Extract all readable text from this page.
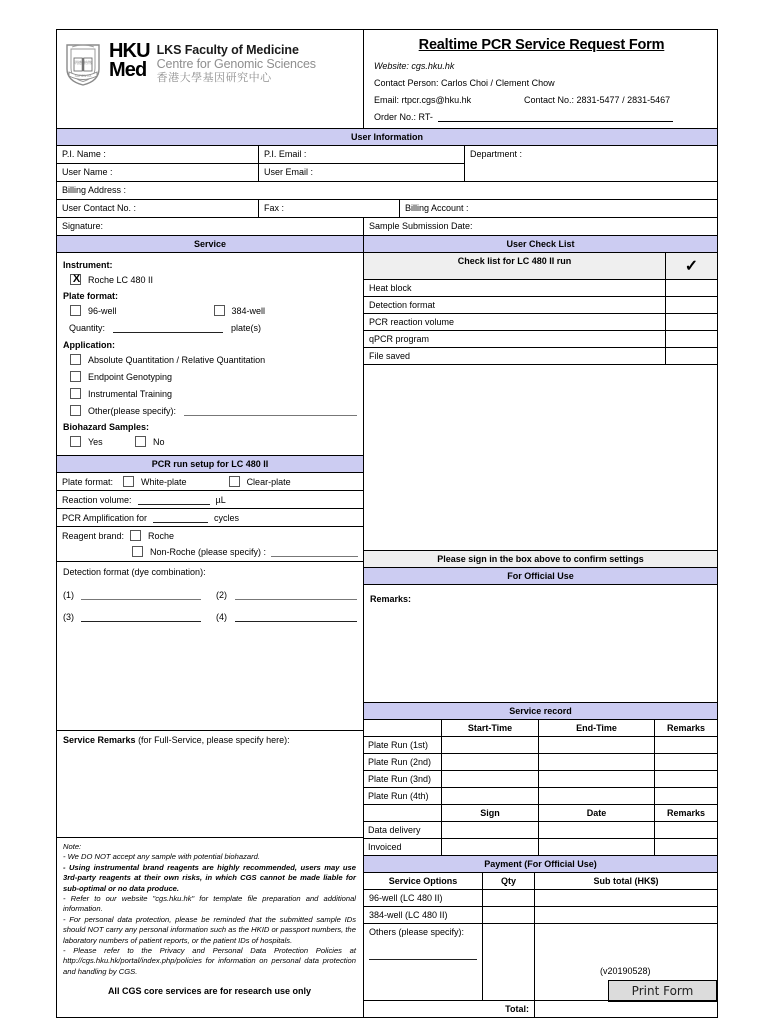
明德 格物
SAPIENTIA
HKU
Med
LKS Faculty of Medicine
Centre for Genomic Sciences
香港大學基因研究中心
Realtime PCR Service Request Form
Website: cgs.hku.hk
Contact Person: Carlos Choi / Clement Chow
Email: rtpcr.cgs@hku.hk	Contact No.: 2831-5477 / 2831-5467
Order No.: RT-
User Information
P.I. Name :	P.I. Email :
User Name :	User Email :
Department :
Billing Address :
User Contact No. :	Fax :	Billing Account :
Signature:	Sample Submission Date:
Service
Instrument:
X
Roche LC 480 II
Plate format:
96-well	384-well
Quantity:	plate(s)
Application:
Absolute Quantitation / Relative Quantitation
Endpoint Genotyping
Instrumental Training
Other(please specify):
Biohazard Samples:
Yes	No
PCR run setup for LC 480 II
Plate format:	White-plate	Clear-plate
Reaction volume:	µL
PCR Amplification for	cycles
Reagent brand:	Roche
Non-Roche (please specify) :
Detection format (dye combination):
(1)	(2)
(3)	(4)
Service Remarks (for Full-Service, please specify here):
Note:
- We DO NOT accept any sample with potential biohazard.
- Using instrumental brand reagents are highly recommended, users may use 3rd-party reagents at their own risks, in which CGS cannot be made liable for sub-optimal or no data produce.
- Refer to our website "cgs.hku.hk" for template file preparation and additional information.
- For personal data protection, please be reminded that the submitted sample IDs should NOT carry any personal information such as the HKID or passport numbers, the laboratory numbers of patient reports, or the patient IDs of hospitals.
- Please refer to the Privacy and Personal Data Protection Policies at http://cgs.hku.hk/portal/index.php/policies for information on personal data protection and handling by CGS.
All CGS core services are for research use only
User Check List
Check list for LC 480 II run	✓
Heat block
Detection format
PCR reaction volume
qPCR program
File saved
Please sign in the box above to confirm settings
For Official Use
Remarks:
Service record
Start-Time	End-Time	Remarks
Plate Run (1st)
Plate Run (2nd)
Plate Run (3nd)
Plate Run (4th)
Sign	Date	Remarks
Data delivery
Invoiced
Payment (For Official Use)
Service Options	Qty	Sub total (HK$)
96-well (LC 480 II)
384-well (LC 480 II)
Others (please specify):
Total:
(v20190528)
Print Form
